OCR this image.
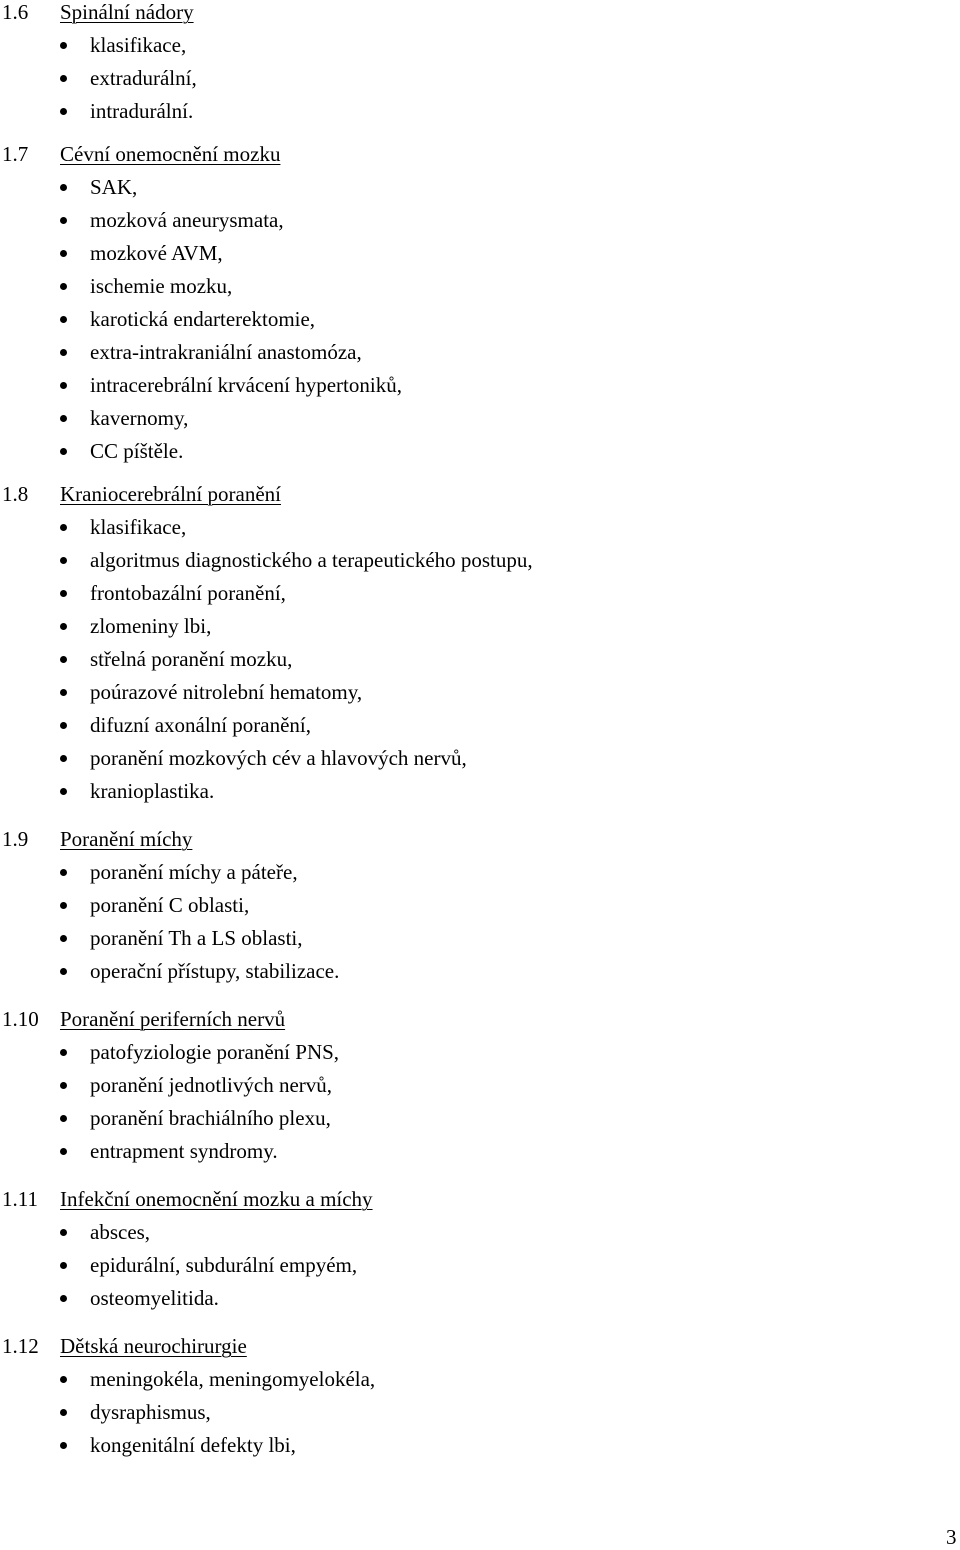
1.6 Spinální nádory
klasifikace,
extradurální,
intradurální.
1.7 Cévní onemocnění mozku
SAK,
mozková aneurysmata,
mozkové AVM,
ischemie mozku,
karotická endarterektomie,
extra-intrakraniální anastomóza,
intracerebrální krvácení hypertoniků,
kavernomy,
CC píštěle.
1.8 Kraniocerebrální poranění
klasifikace,
algoritmus diagnostického a terapeutického postupu,
frontobazální poranění,
zlomeniny lbi,
střelná poranění mozku,
poúrazové nitrolební hematomy,
difuzní axonální poranění,
poranění mozkových cév a hlavových nervů,
kranioplastika.
1.9 Poranění míchy
poranění míchy a páteře,
poranění C oblasti,
poranění Th a LS oblasti,
operační přístupy, stabilizace.
1.10 Poranění periferních nervů
patofyziologie poranění PNS,
poranění jednotlivých nervů,
poranění brachiálního plexu,
entrapment syndromy.
1.11 Infekční onemocnění mozku a míchy
absces,
epidurální, subdurální empyém,
osteomyelitida.
1.12 Dětská neurochirurgie
meningokéla, meningomyelokéla,
dysraphismus,
kongenitální defekty lbi,
3
